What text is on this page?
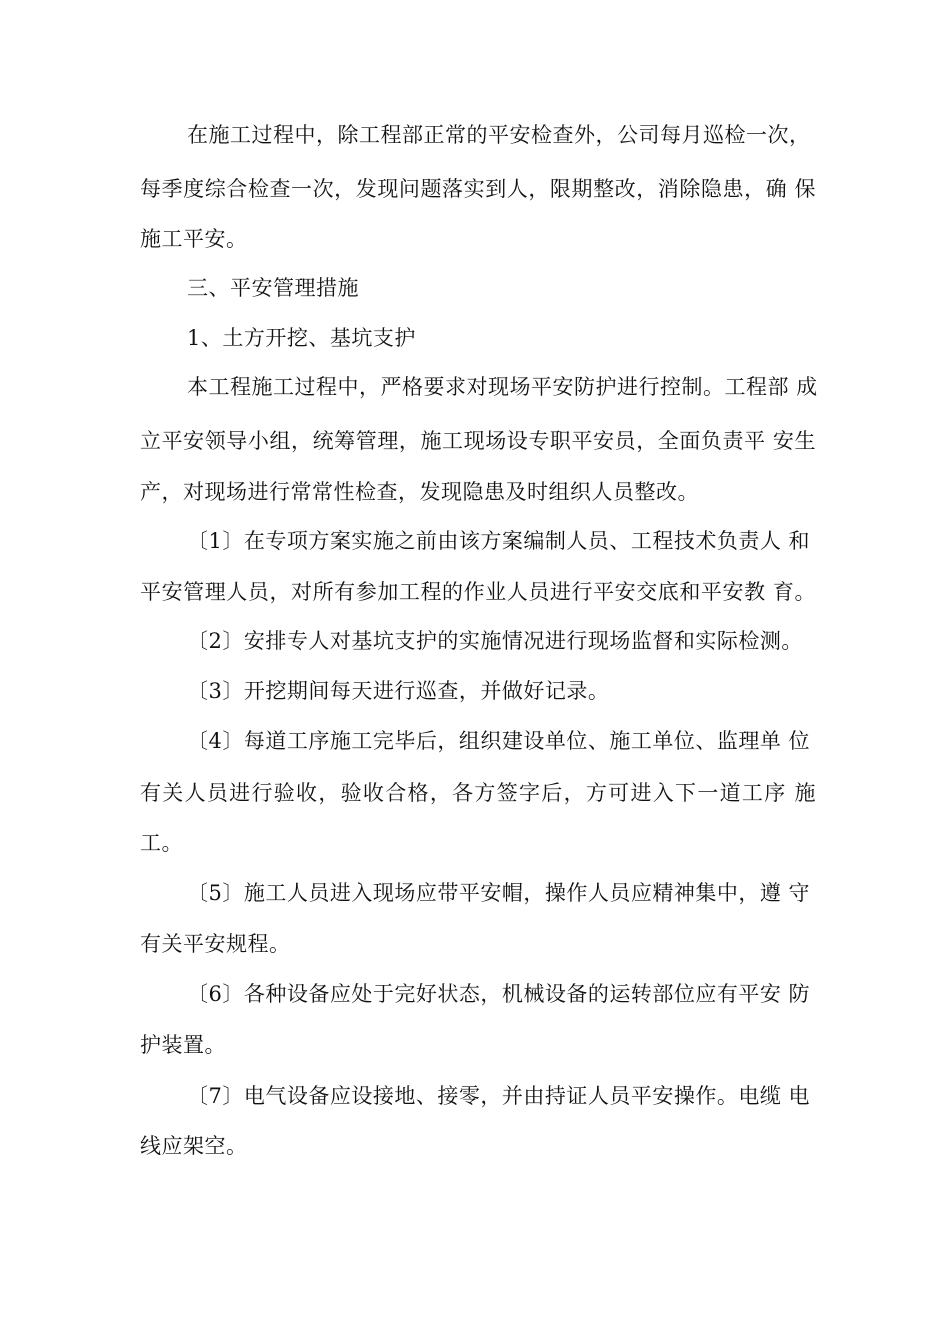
在施工过程中，除工程部正常的平安检查外，公司每月巡检一次，
每季度综合检查一次，发现问题落实到人，限期整改，消除隐患，确 保
施工平安。
三、平安管理措施
1、土方开挖、基坑支护
本工程施工过程中，严格要求对现场平安防护进行控制。工程部 成
立平安领导小组，统筹管理，施工现场设专职平安员，全面负责平 安生
产，对现场进行常常性检查，发现隐患及时组织人员整改。
〔1〕在专项方案实施之前由该方案编制人员、工程技术负责人 和
平安管理人员，对所有参加工程的作业人员进行平安交底和平安教 育。
〔2〕安排专人对基坑支护的实施情况进行现场监督和实际检测。
〔3〕开挖期间每天进行巡查，并做好记录。
〔4〕每道工序施工完毕后，组织建设单位、施工单位、监理单 位
有关人员进行验收，验收合格，各方签字后，方可进入下一道工序 施
工。
〔5〕施工人员进入现场应带平安帽，操作人员应精神集中，遵 守
有关平安规程。
〔6〕各种设备应处于完好状态，机械设备的运转部位应有平安 防
护装置。
〔7〕电气设备应设接地、接零，并由持证人员平安操作。电缆 电
线应架空。
